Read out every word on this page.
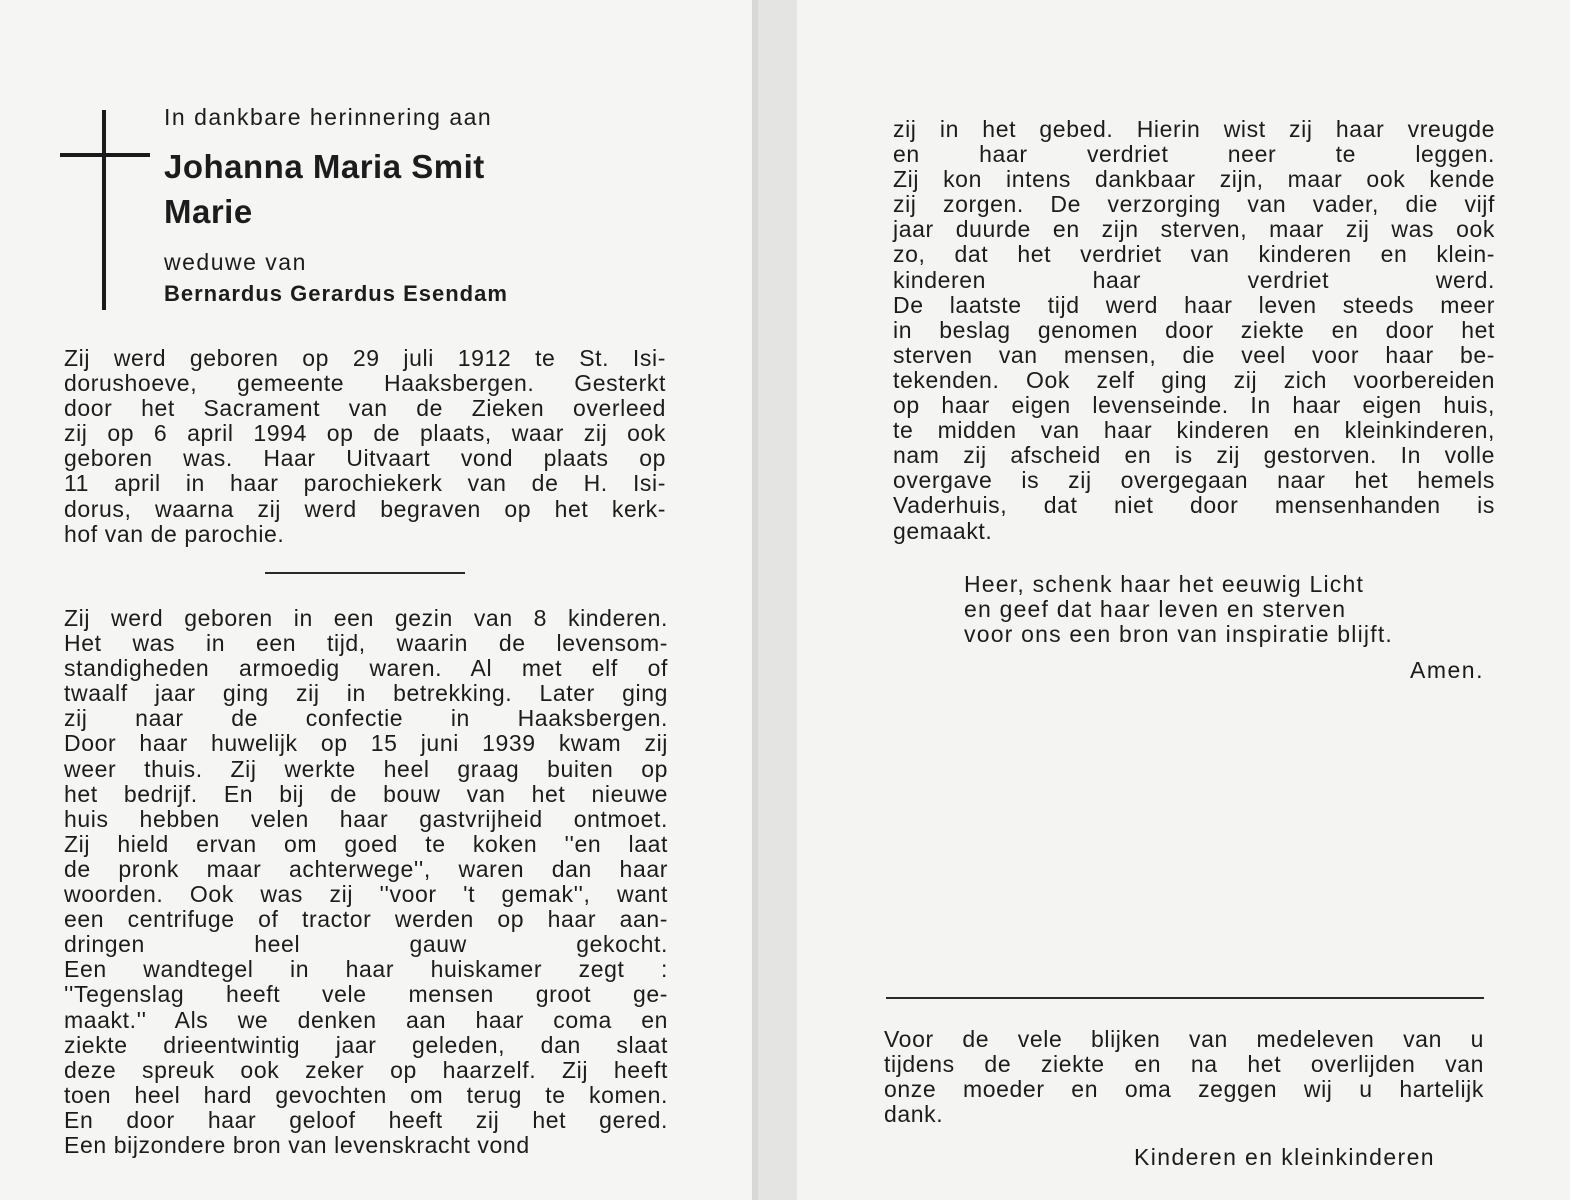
In dankbare herinnering aan
Johanna Maria Smit
Marie
weduwe van
Bernardus Gerardus Esendam
Zij werd geboren op 29 juli 1912 te St. Isi-
dorushoeve, gemeente Haaksbergen. Gesterkt
door het Sacrament van de Zieken overleed
zij op 6 april 1994 op de plaats, waar zij ook
geboren was. Haar Uitvaart vond plaats op
11 april in haar parochiekerk van de H. Isi-
dorus, waarna zij werd begraven op het kerk-
hof van de parochie.
Zij werd geboren in een gezin van 8 kinderen.
Het was in een tijd, waarin de levensom-
standigheden armoedig waren. Al met elf of
twaalf jaar ging zij in betrekking. Later ging
zij naar de confectie in Haaksbergen.
Door haar huwelijk op 15 juni 1939 kwam zij
weer thuis. Zij werkte heel graag buiten op
het bedrijf. En bij de bouw van het nieuwe
huis hebben velen haar gastvrijheid ontmoet.
Zij hield ervan om goed te koken ''en laat
de pronk maar achterwege'', waren dan haar
woorden. Ook was zij ''voor 't gemak'', want
een centrifuge of tractor werden op haar aan-
dringen heel gauw gekocht.
Een wandtegel in haar huiskamer zegt :
''Tegenslag heeft vele mensen groot ge-
maakt.'' Als we denken aan haar coma en
ziekte drieentwintig jaar geleden, dan slaat
deze spreuk ook zeker op haarzelf. Zij heeft
toen heel hard gevochten om terug te komen.
En door haar geloof heeft zij het gered.
Een bijzondere bron van levenskracht vond
zij in het gebed. Hierin wist zij haar vreugde
en haar verdriet neer te leggen.
Zij kon intens dankbaar zijn, maar ook kende
zij zorgen. De verzorging van vader, die vijf
jaar duurde en zijn sterven, maar zij was ook
zo, dat het verdriet van kinderen en klein-
kinderen haar verdriet werd.
De laatste tijd werd haar leven steeds meer
in beslag genomen door ziekte en door het
sterven van mensen, die veel voor haar be-
tekenden. Ook zelf ging zij zich voorbereiden
op haar eigen levenseinde. In haar eigen huis,
te midden van haar kinderen en kleinkinderen,
nam zij afscheid en is zij gestorven. In volle
overgave is zij overgegaan naar het hemels
Vaderhuis, dat niet door mensenhanden is
gemaakt.
Heer, schenk haar het eeuwig Licht
en geef dat haar leven en sterven
voor ons een bron van inspiratie blijft.
Amen.
Voor de vele blijken van medeleven van u
tijdens de ziekte en na het overlijden van
onze moeder en oma zeggen wij u hartelijk
dank.
Kinderen en kleinkinderen
